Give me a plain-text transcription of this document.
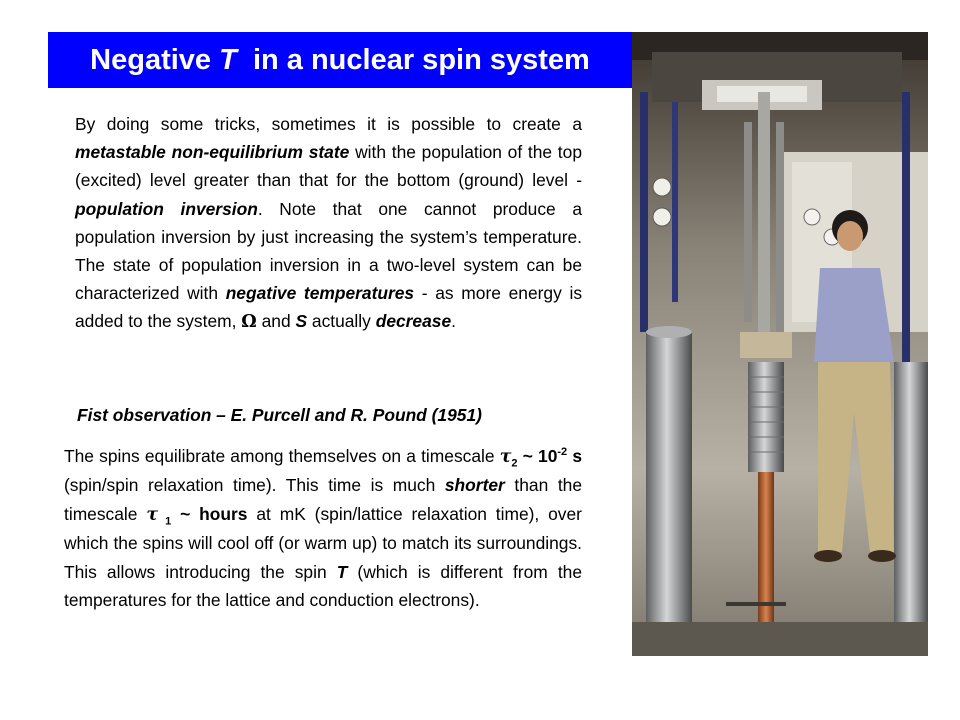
Negative T  in a nuclear spin system
By doing some tricks, sometimes it is possible to create a metastable non-equilibrium state with the population of the top (excited) level greater than that for the bottom (ground) level - population inversion. Note that one cannot produce a population inversion by just increasing the system’s temperature. The state of population inversion in a two-level system can be characterized with negative temperatures - as more energy is added to the system, Ω and S actually decrease.
Fist observation – E. Purcell and R. Pound (1951)
The spins equilibrate among themselves on a timescale $\tau_2$ ~ $10^{-2}$ s (spin/spin relaxation time). This time is much shorter than the timescale τ $_1$ ~ hours at mK (spin/lattice relaxation time), over which the spins will cool off (or warm up) to match its surroundings. This allows introducing the spin T (which is different from the temperatures for the lattice and conduction electrons).
